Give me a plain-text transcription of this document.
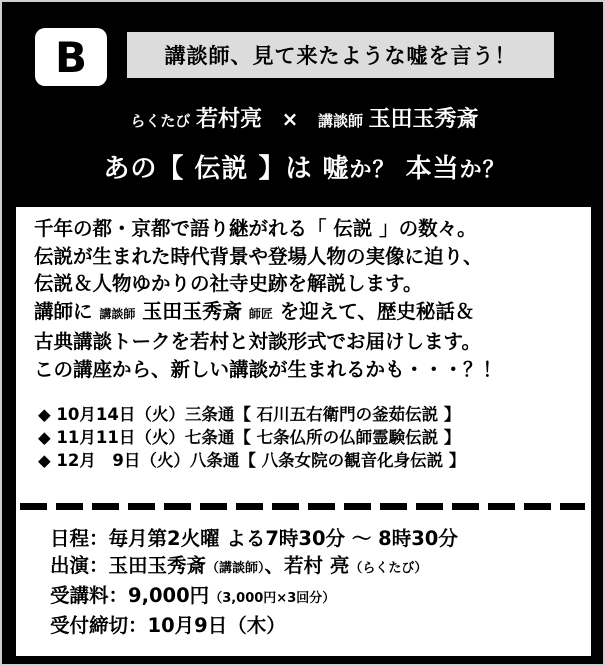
B	講談師、見て来たような嘘を言う！
らくたび 若村亮 × 講談師 玉田玉秀斎
あの【 伝説 】は 嘘か？ 本当か？
千年の都・京都で語り継がれる「 伝説 」の数々。
伝説が生まれた時代背景や登場人物の実像に迫り、
伝説＆人物ゆかりの社寺史跡を解説します。
講師に 講談師 玉田玉秀斎 師匠 を迎えて、歴史秘話＆
古典講談トークを若村と対談形式でお届けします。
この講座から、新しい講談が生まれるかも・・・？！
◆ 10月14日（火）三条通【 石川五右衛門の釜茹伝説 】
◆ 11月11日（火）七条通【 七条仏所の仏師霊験伝説 】
◆ 12月　9日（火）八条通【 八条女院の観音化身伝説 】
日程：毎月第2火曜 よる7時30分 ～ 8時30分
出演：玉田玉秀斎（講談師）、若村 亮（らくたび）
受講料：9,000円（3,000円×3回分）
受付締切：10月9日（木）
